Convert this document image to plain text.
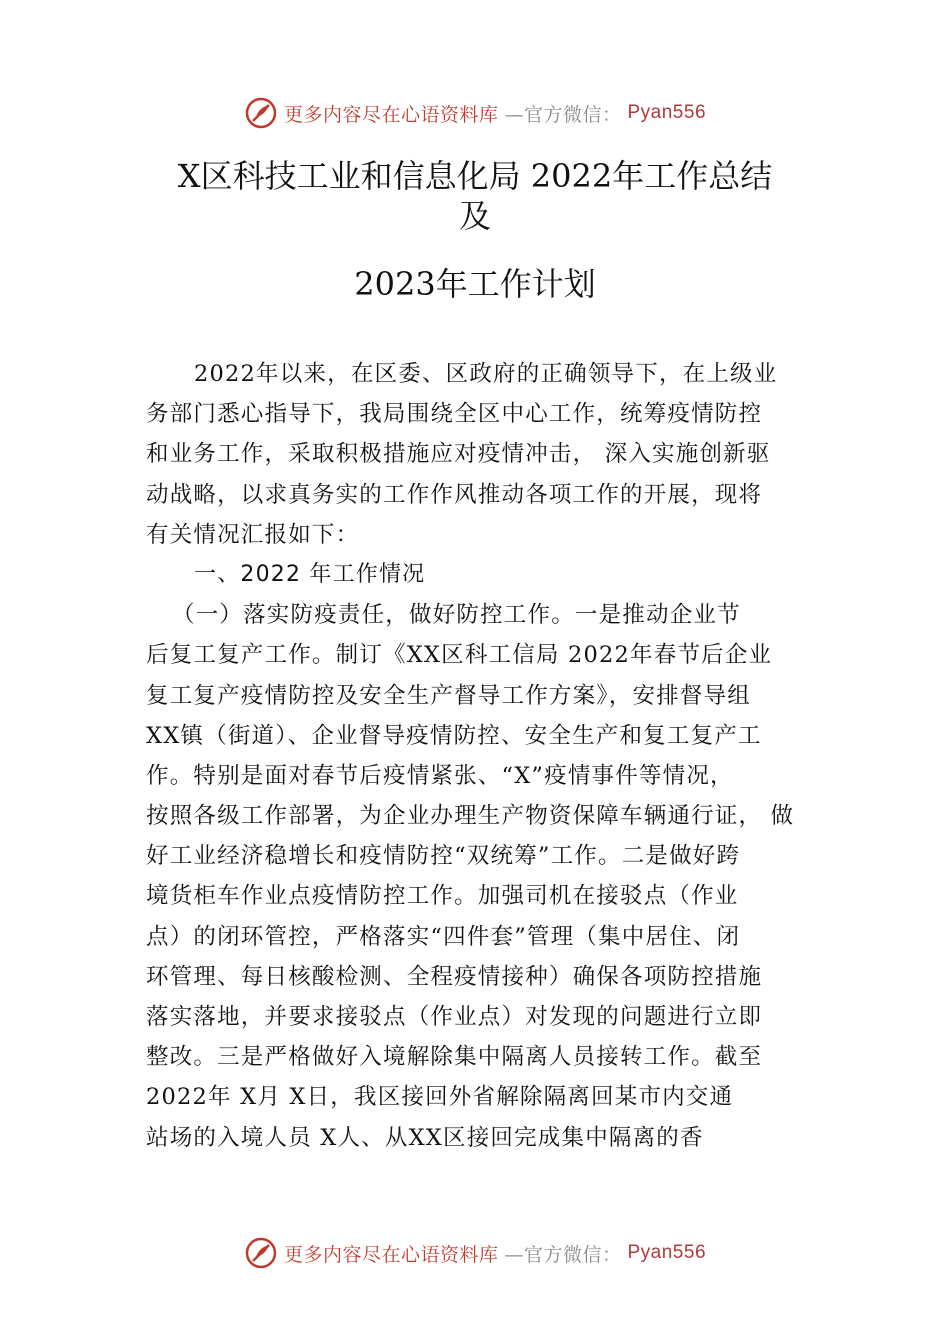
更多内容尽在心语资料库 —官方微信： Pyan556
X区科技工业和信息化局 2022年工作总结
及
2023年工作计划
2022年以来，在区委、区政府的正确领导下，在上级业
务部门悉心指导下，我局围绕全区中心工作，统筹疫情防控
和业务工作，采取积极措施应对疫情冲击， 深入实施创新驱
动战略，以求真务实的工作作风推动各项工作的开展，现将
有关情况汇报如下：
一、2022 年工作情况
（一）落实防疫责任，做好防控工作。一是推动企业节
后复工复产工作。制订《XX区科工信局 2022年春节后企业
复工复产疫情防控及安全生产督导工作方案》，安排督导组
XX镇（街道）、企业督导疫情防控、安全生产和复工复产工
作。特别是面对春节后疫情紧张、“X”疫情事件等情况，
按照各级工作部署，为企业办理生产物资保障车辆通行证， 做
好工业经济稳增长和疫情防控“双统筹”工作。二是做好跨
境货柜车作业点疫情防控工作。加强司机在接驳点（作业
点）的闭环管控，严格落实“四件套”管理（集中居住、闭
环管理、每日核酸检测、全程疫情接种）确保各项防控措施
落实落地，并要求接驳点（作业点）对发现的问题进行立即
整改。三是严格做好入境解除集中隔离人员接转工作。截至
2022年 X月 X日，我区接回外省解除隔离回某市内交通
站场的入境人员 X人、从XX区接回完成集中隔离的香
更多内容尽在心语资料库 —官方微信： Pyan556
